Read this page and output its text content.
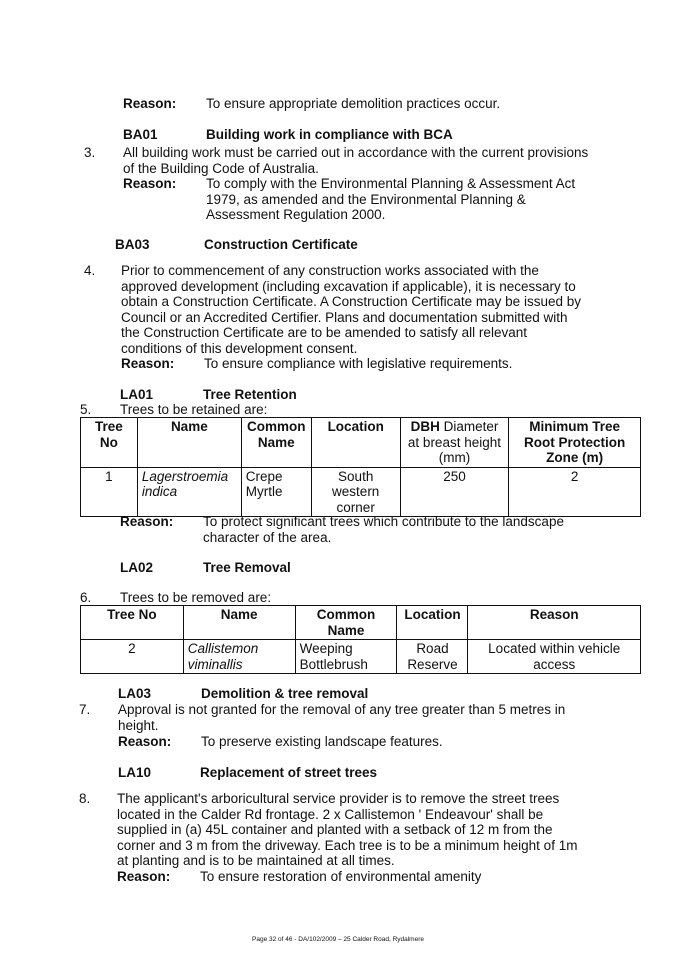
Reason: To ensure appropriate demolition practices occur.
BA01	Building work in compliance with BCA
3. All building work must be carried out in accordance with the current provisions
of the Building Code of Australia.
Reason: To comply with the Environmental Planning & Assessment Act
1979, as amended and the Environmental Planning &
Assessment Regulation 2000.
BA03	Construction Certificate
4. Prior to commencement of any construction works associated with the
approved development (including excavation if applicable), it is necessary to
obtain a Construction Certificate. A Construction Certificate may be issued by
Council or an Accredited Certifier. Plans and documentation submitted with
the Construction Certificate are to be amended to satisfy all relevant
conditions of this development consent.
Reason: To ensure compliance with legislative requirements.
LA01	Tree Retention
5. Trees to be retained are:
Tree No	Name	Common Name	Location	DBH Diameter at breast height (mm)	Minimum Tree Root Protection Zone (m)
1	Lagerstroemia indica	Crepe Myrtle	South western corner	250	2
Reason: To protect significant trees which contribute to the landscape
character of the area.
LA02	Tree Removal
6. Trees to be removed are:
Tree No	Name	Common Name	Location	Reason
2	Callistemon viminallis	Weeping Bottlebrush	Road Reserve	Located within vehicle access
LA03	Demolition & tree removal
7. Approval is not granted for the removal of any tree greater than 5 metres in
height.
Reason: To preserve existing landscape features.
LA10	Replacement of street trees
8. The applicant's arboricultural service provider is to remove the street trees
located in the Calder Rd frontage. 2 x Callistemon ' Endeavour' shall be
supplied in (a) 45L container and planted with a setback of 12 m from the
corner and 3 m from the driveway. Each tree is to be a minimum height of 1m
at planting and is to be maintained at all times.
Reason: To ensure restoration of environmental amenity
Page 32 of 46 - DA/102/2009 – 25 Calder Road, Rydalmere
